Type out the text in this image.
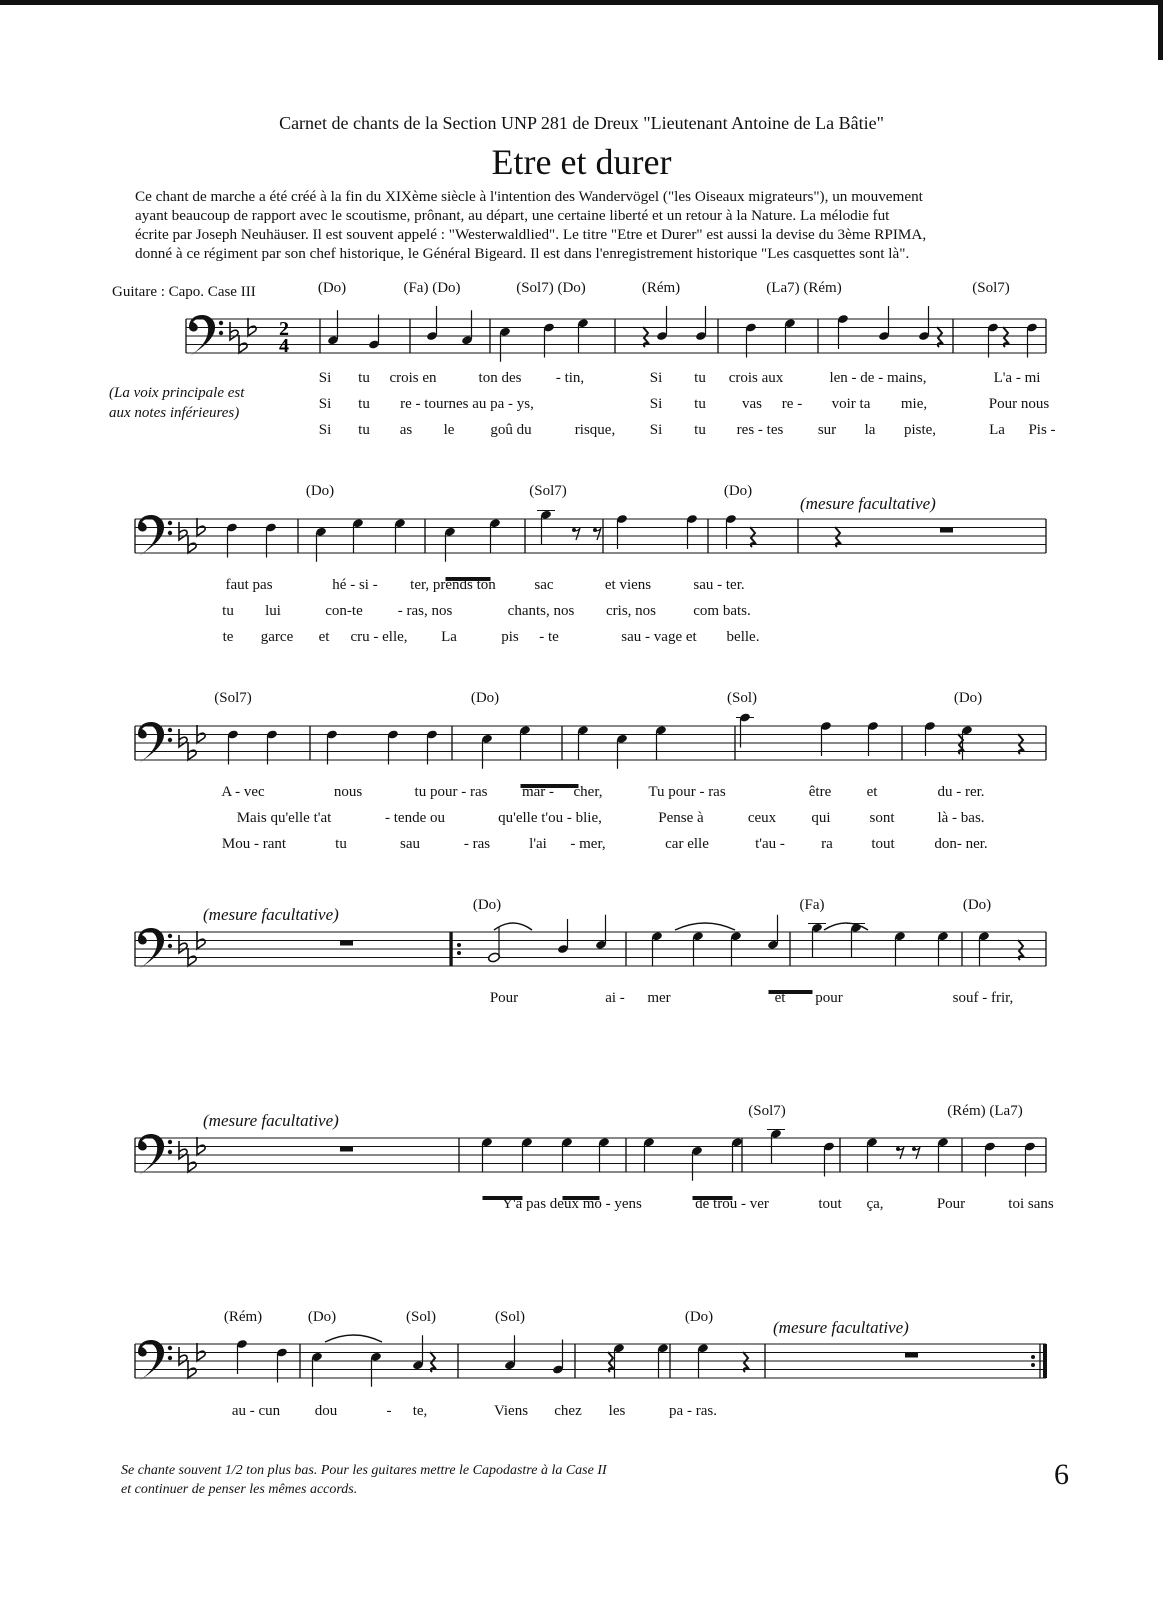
Carnet de chants de la Section UNP 281 de Dreux "Lieutenant Antoine de La Bâtie"
Etre et durer
Ce chant de marche a été créé à la fin du XIXème siècle à l'intention des Wandervögel ("les Oiseaux migrateurs"), un mouvement
ayant beaucoup de rapport avec le scoutisme, prônant, au départ, une certaine liberté et un retour à la Nature. La mélodie fut
écrite par Joseph Neuhäuser. Il est souvent appelé : "Westerwaldlied". Le titre "Etre et Durer" est aussi la devise du 3ème RPIMA,
donné à ce régiment par son chef historique, le Général Bigeard. Il est dans l'enregistrement historique "Les casquettes sont là".
Guitare : Capo. Case III
(La voix principale est
aux notes inférieures)
2
4
(Do)	(Fa) (Do)	(Sol7) (Do)	(Rém)	(La7) (Rém)	(Sol7)
(Do)	(Sol7)	(Do)
(Sol7)	(Do)	(Sol)	(Do)
(Do)	(Fa)	(Do)
(Sol7)	(Rém) (La7)
(Rém)	(Do)	(Sol)	(Sol)	(Do)
Si tu crois en	ton des - tin,	Si tu crois aux	len - de - mains,	L'a - mi
Si tu re - tournes au pa - ys,	Si tu vas re - voir ta mie,	Pour nous
Si tu as le goû du	risque, Si tu res - tes sur la piste,	La Pis -
faut pas	hé - si - ter, prends ton	sac	et viens	sau - ter.
tu lui	con-te - ras, nos	chants, nos cris, nos com bats.
te garce et cru - elle, La	pis - te	sau - vage et belle.
A - vec	nous	tu pour - ras mar - cher,	Tu pour - ras	être et	du - rer.
Mais qu'elle t'at	- tende ou	qu'elle t'ou - blie,	Pense à	ceux qui	sont	là - bas.
Mou - rant	tu	sau	- ras	l'ai - mer,	car elle	t'au - ra	tout	don- ner.
Pour	ai - mer	et pour	souf - frir,
Y'a pas deux mo - yens	de trou - ver	tout ça,	Pour	toi sans
au - cun dou	- te,	Viens chez les	pa - ras.
(mesure facultative)
(mesure facultative)
(mesure facultative)
(mesure facultative)
Se chante souvent 1/2 ton plus bas. Pour les guitares mettre le Capodastre à la Case II
et continuer de penser les mêmes accords.	6
